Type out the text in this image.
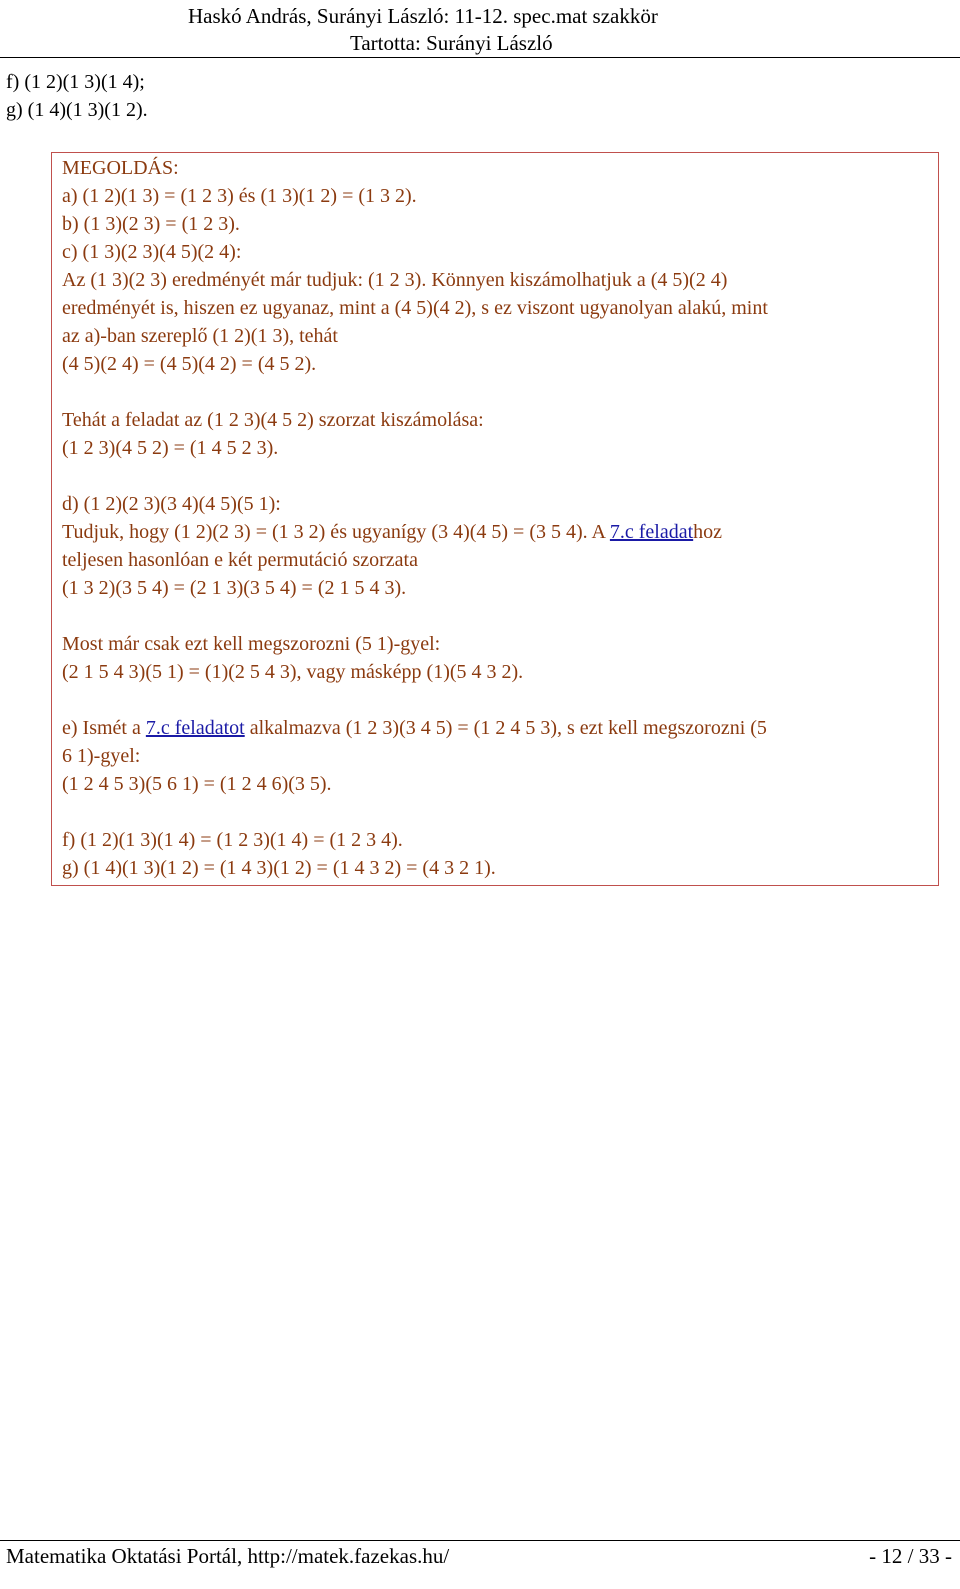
Haskó András, Surányi László: 11-12. spec.mat szakkör
Tartotta: Surányi László
f) (1 2)(1 3)(1 4);
g) (1 4)(1 3)(1 2).
MEGOLDÁS:
a) (1 2)(1 3) = (1 2 3) és (1 3)(1 2) = (1 3 2).
b) (1 3)(2 3) = (1 2 3).
c) (1 3)(2 3)(4 5)(2 4):
Az (1 3)(2 3) eredményét már tudjuk: (1 2 3). Könnyen kiszámolhatjuk a (4 5)(2 4)
eredményét is, hiszen ez ugyanaz, mint a (4 5)(4 2), s ez viszont ugyanolyan alakú, mint
az a)-ban szereplő (1 2)(1 3), tehát
(4 5)(2 4) = (4 5)(4 2) = (4 5 2).
Tehát a feladat az (1 2 3)(4 5 2) szorzat kiszámolása:
(1 2 3)(4 5 2) = (1 4 5 2 3).
d) (1 2)(2 3)(3 4)(4 5)(5 1):
Tudjuk, hogy (1 2)(2 3) = (1 3 2) és ugyanígy (3 4)(4 5) = (3 5 4). A 7.c feladathoz
teljesen hasonlóan e két permutáció szorzata
(1 3 2)(3 5 4) = (2 1 3)(3 5 4) = (2 1 5 4 3).
Most már csak ezt kell megszorozni (5 1)-gyel:
(2 1 5 4 3)(5 1) = (1)(2 5 4 3), vagy másképp (1)(5 4 3 2).
e) Ismét a 7.c feladatot alkalmazva (1 2 3)(3 4 5) = (1 2 4 5 3), s ezt kell megszorozni (5
6 1)-gyel:
(1 2 4 5 3)(5 6 1) = (1 2 4 6)(3 5).
f) (1 2)(1 3)(1 4) = (1 2 3)(1 4) = (1 2 3 4).
g) (1 4)(1 3)(1 2) = (1 4 3)(1 2) = (1 4 3 2) = (4 3 2 1).
Matematika Oktatási Portál, http://matek.fazekas.hu/	- 12 / 33 -
